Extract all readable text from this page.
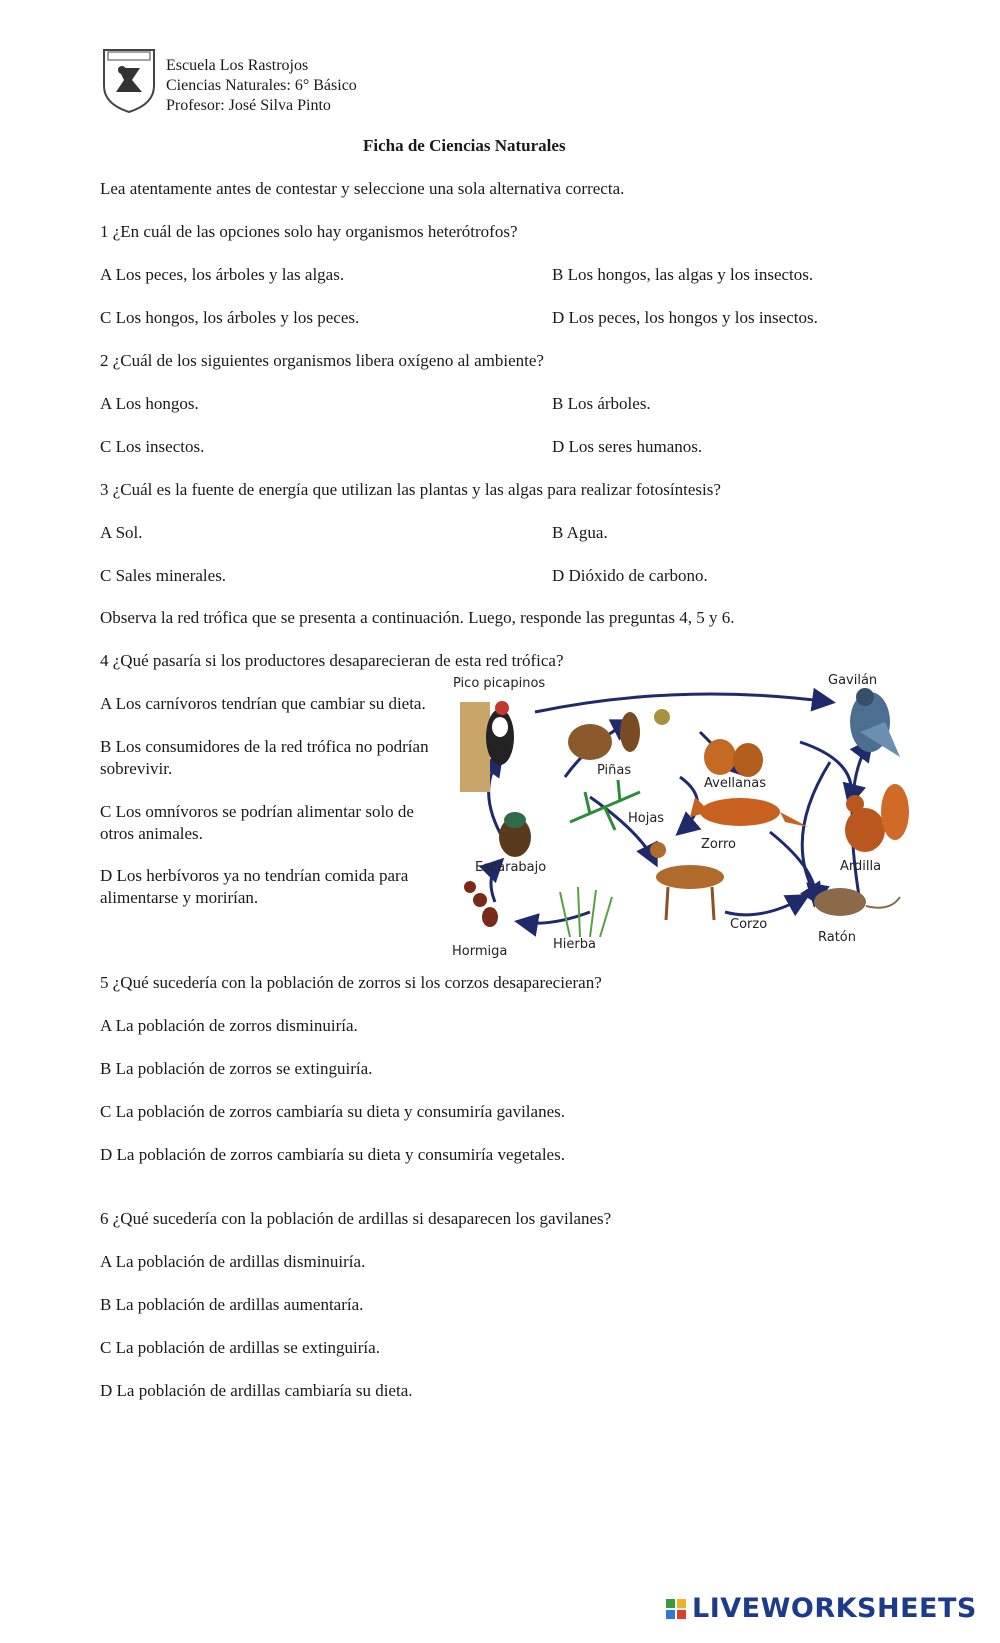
Escuela Los Rastrojos
Ciencias Naturales: 6° Básico
Profesor: José Silva Pinto
Ficha de Ciencias Naturales
Lea atentamente antes de contestar y seleccione una sola alternativa correcta.
1 ¿En cuál de las opciones solo hay organismos heterótrofos?
A Los peces, los árboles y las algas.	B Los hongos, las algas y los insectos.
C Los hongos, los árboles y los peces.	D Los peces, los hongos y los insectos.
2 ¿Cuál de los siguientes organismos libera oxígeno al ambiente?
A Los hongos.	B Los árboles.
C Los insectos.	D Los seres humanos.
3 ¿Cuál es la fuente de energía que utilizan las plantas y las algas para realizar fotosíntesis?
A Sol.	B Agua.
C Sales minerales.	D Dióxido de carbono.
Observa la red trófica que se presenta a continuación. Luego, responde las preguntas 4, 5 y 6.
4 ¿Qué pasaría si los productores desaparecieran de esta red trófica?
A Los carnívoros tendrían que cambiar su dieta.
B Los consumidores de la red trófica no podrían sobrevivir.
C Los omnívoros se podrían alimentar solo de otros animales.
D Los herbívoros ya no tendrían comida para alimentarse y morirían.
Pico picapinos	Gavilán
Piñas
Avellanas
Hojas
Zorro
Ardilla
Escarabajo
Corzo
Ratón
Hormiga	Hierba
5 ¿Qué sucedería con la población de zorros si los corzos desaparecieran?
A La población de zorros disminuiría.
B La población de zorros se extinguiría.
C La población de zorros cambiaría su dieta y consumiría gavilanes.
D La población de zorros cambiaría su dieta y consumiría vegetales.
6 ¿Qué sucedería con la población de ardillas si desaparecen los gavilanes?
A La población de ardillas disminuiría.
B La población de ardillas aumentaría.
C La población de ardillas se extinguiría.
D La población de ardillas cambiaría su dieta.
LIVEWORKSHEETS
